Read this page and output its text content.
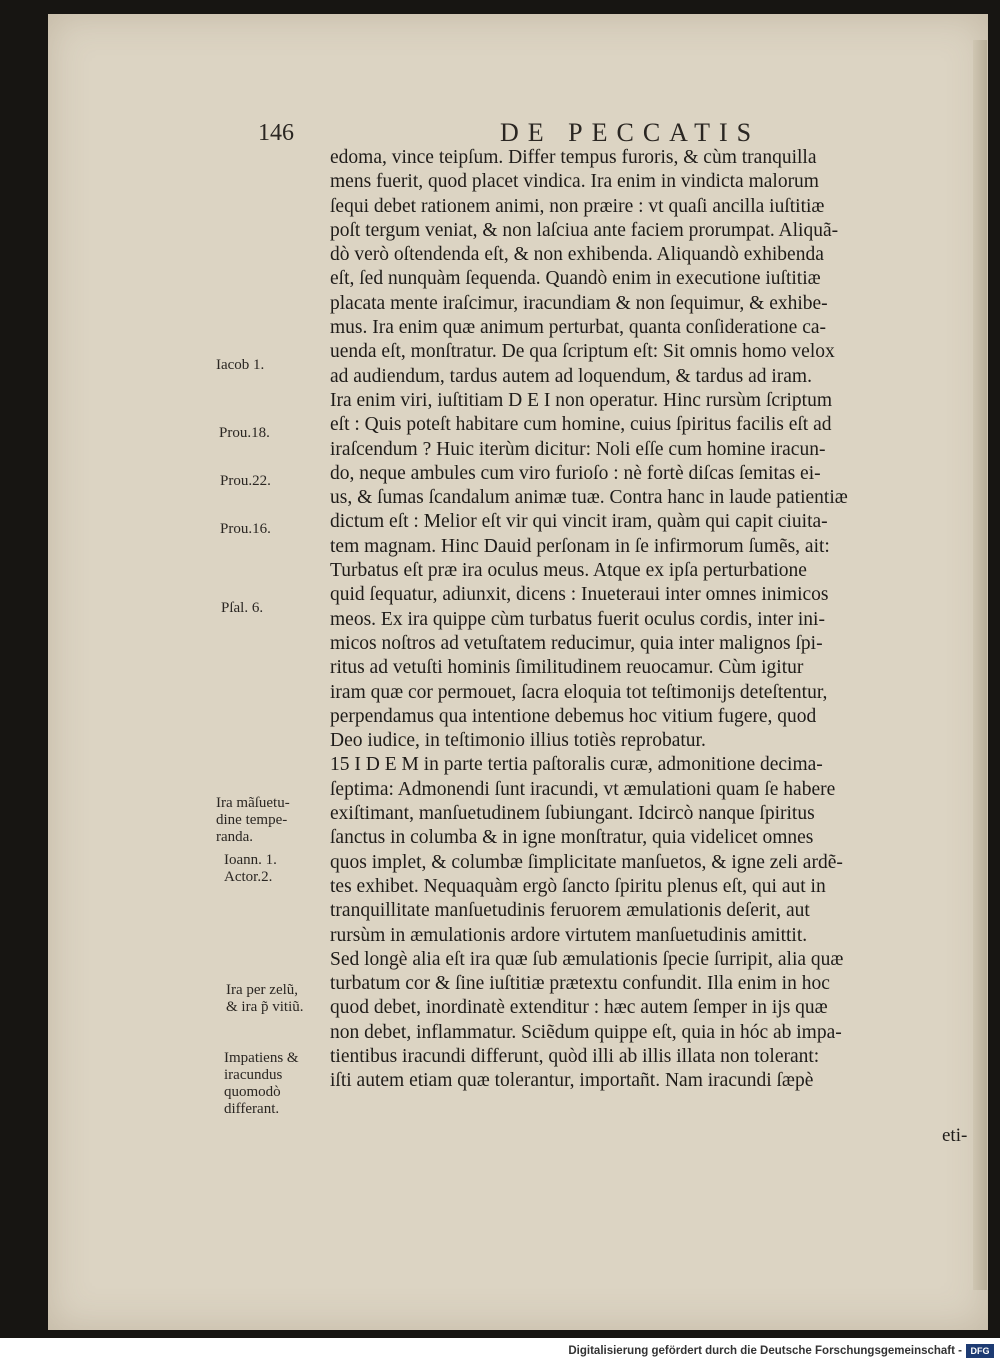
146	DE PECCATIS
edoma, vince teipſum. Differ tempus furoris, & cùm tranquilla
mens fuerit, quod placet vindica. Ira enim in vindicta malorum
ſequi debet rationem animi, non præire : vt quaſi ancilla iuſtitiæ
poſt tergum veniat, & non laſciua ante faciem prorumpat. Aliquã-
dò verò oſtendenda eſt, & non exhibenda. Aliquandò exhibenda
eſt, ſed nunquàm ſequenda. Quandò enim in executione iuſtitiæ
placata mente iraſcimur, iracundiam & non ſequimur, & exhibe-
mus. Ira enim quæ animum perturbat, quanta conſideratione ca-
uenda eſt, monſtratur. De qua ſcriptum eſt: Sit omnis homo velox
ad audiendum, tardus autem ad loquendum, & tardus ad iram.
Ira enim viri, iuſtitiam D E I non operatur. Hinc rursùm ſcriptum
eſt : Quis poteſt habitare cum homine, cuius ſpiritus facilis eſt ad
iraſcendum ? Huic iterùm dicitur: Noli eſſe cum homine iracun-
do, neque ambules cum viro furioſo : nè fortè diſcas ſemitas ei-
us, & ſumas ſcandalum animæ tuæ. Contra hanc in laude patientiæ
dictum eſt : Melior eſt vir qui vincit iram, quàm qui capit ciuita-
tem magnam. Hinc Dauid perſonam in ſe infirmorum ſumẽs, ait:
Turbatus eſt præ ira oculus meus. Atque ex ipſa perturbatione
quid ſequatur, adiunxit, dicens : Inueteraui inter omnes inimicos
meos. Ex ira quippe cùm turbatus fuerit oculus cordis, inter ini-
micos noſtros ad vetuſtatem reducimur, quia inter malignos ſpi-
ritus ad vetuſti hominis ſimilitudinem reuocamur. Cùm igitur
iram quæ cor permouet, ſacra eloquia tot teſtimonijs deteſtentur,
perpendamus qua intentione debemus hoc vitium fugere, quod
Deo iudice, in teſtimonio illius totiès reprobatur.
15 I D E M in parte tertia paſtoralis curæ, admonitione decima-
ſeptima: Admonendi ſunt iracundi, vt æmulationi quam ſe habere
exiſtimant, manſuetudinem ſubiungant. Idcircò nanque ſpiritus
ſanctus in columba & in igne monſtratur, quia videlicet omnes
quos implet, & columbæ ſimplicitate manſuetos, & igne zeli ardẽ-
tes exhibet. Nequaquàm ergò ſancto ſpiritu plenus eſt, qui aut in
tranquillitate manſuetudinis feruorem æmulationis deſerit, aut
rursùm in æmulationis ardore virtutem manſuetudinis amittit.
Sed longè alia eſt ira quæ ſub æmulationis ſpecie ſurripit, alia quæ
turbatum cor & ſine iuſtitiæ prætextu confundit. Illa enim in hoc
quod debet, inordinatè extenditur : hæc autem ſemper in ijs quæ
non debet, inflammatur. Sciẽdum quippe eſt, quia in hóc ab impa-
tientibus iracundi differunt, quòd illi ab illis illata non tolerant:
iſti autem etiam quæ tolerantur, importañt. Nam iracundi ſæpè
eti-
Iacob 1.
Prou.18.
Prou.22.
Prou.16.
Pſal. 6.
Ira mãſuetu-
dine tempe-
randa.
Ioann. 1.
Actor.2.
Ira per zelũ,
& ira p̃ vitiũ.
Impatiens &
iracundus
quomodò
differant.
Digitalisierung gefördert durch die Deutsche Forschungsgemeinschaft - DFG
